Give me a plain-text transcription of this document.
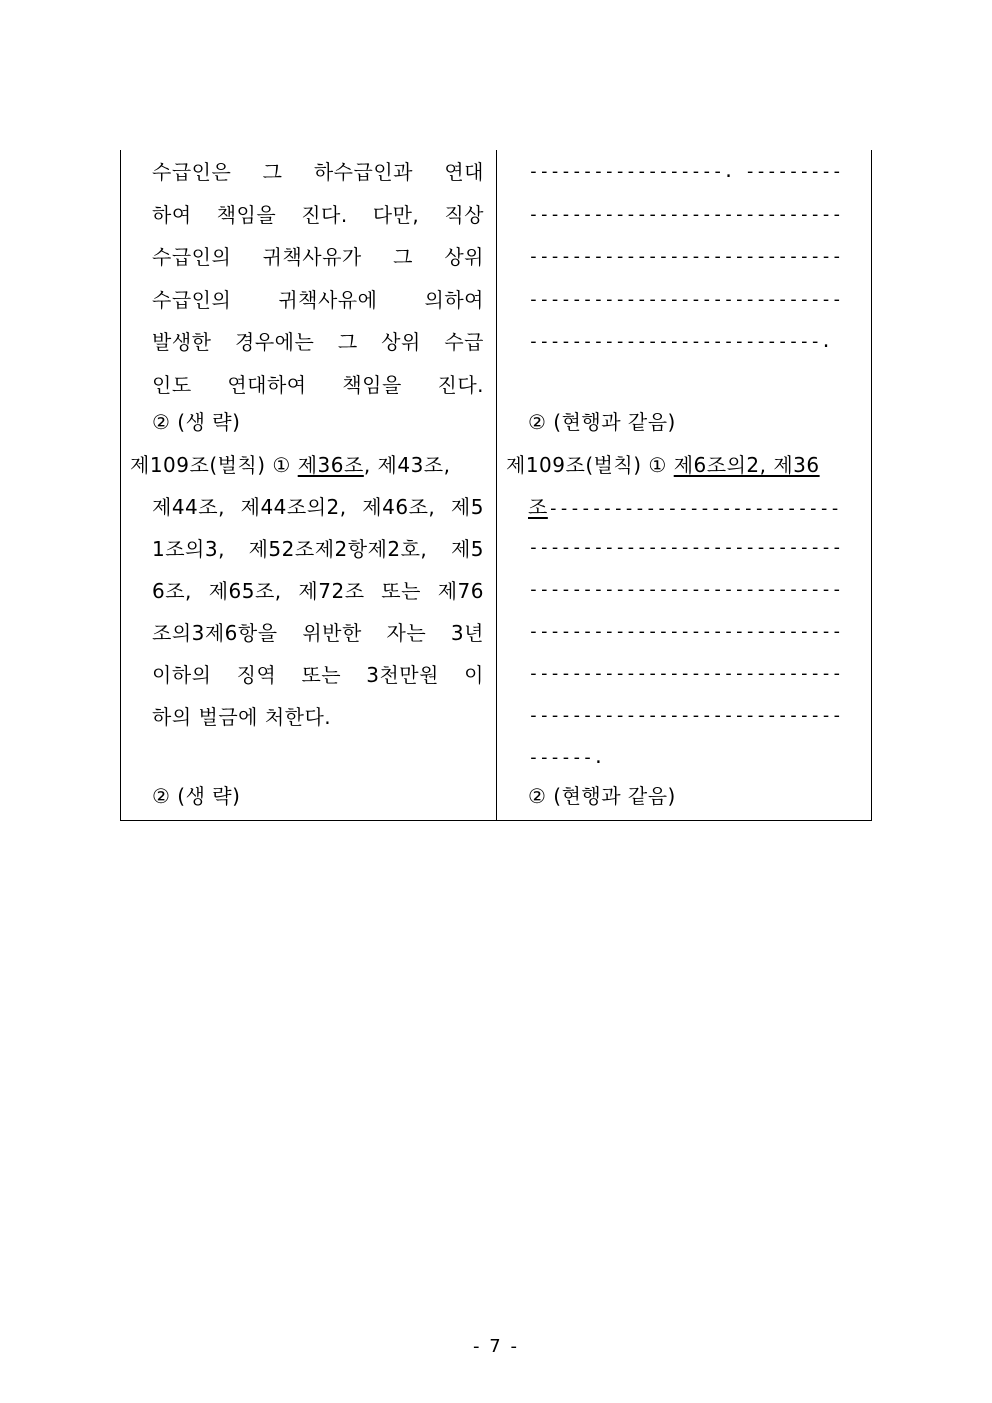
수급인은 그 하수급인과 연대
하여 책임을 진다. 다만, 직상
수급인의 귀책사유가 그 상위
수급인의 귀책사유에 의하여
발생한 경우에는 그 상위 수급
인도 연대하여 책임을 진다.
② (생 략)
제109조(벌칙) ① 제36조, 제43조,
제44조, 제44조의2, 제46조, 제5
1조의3, 제52조제2항제2호, 제5
6조, 제65조, 제72조 또는 제76
조의3제6항을 위반한 자는 3년
이하의 징역 또는 3천만원 이
하의 벌금에 처한다.
② (생 략)
------------------. ---------
-----------------------------
-----------------------------
-----------------------------
---------------------------.
② (현행과 같음)
제109조(벌칙) ① 제6조의2, 제36
조---------------------------
-----------------------------
-----------------------------
-----------------------------
-----------------------------
-----------------------------
------.
② (현행과 같음)
- 7 -
